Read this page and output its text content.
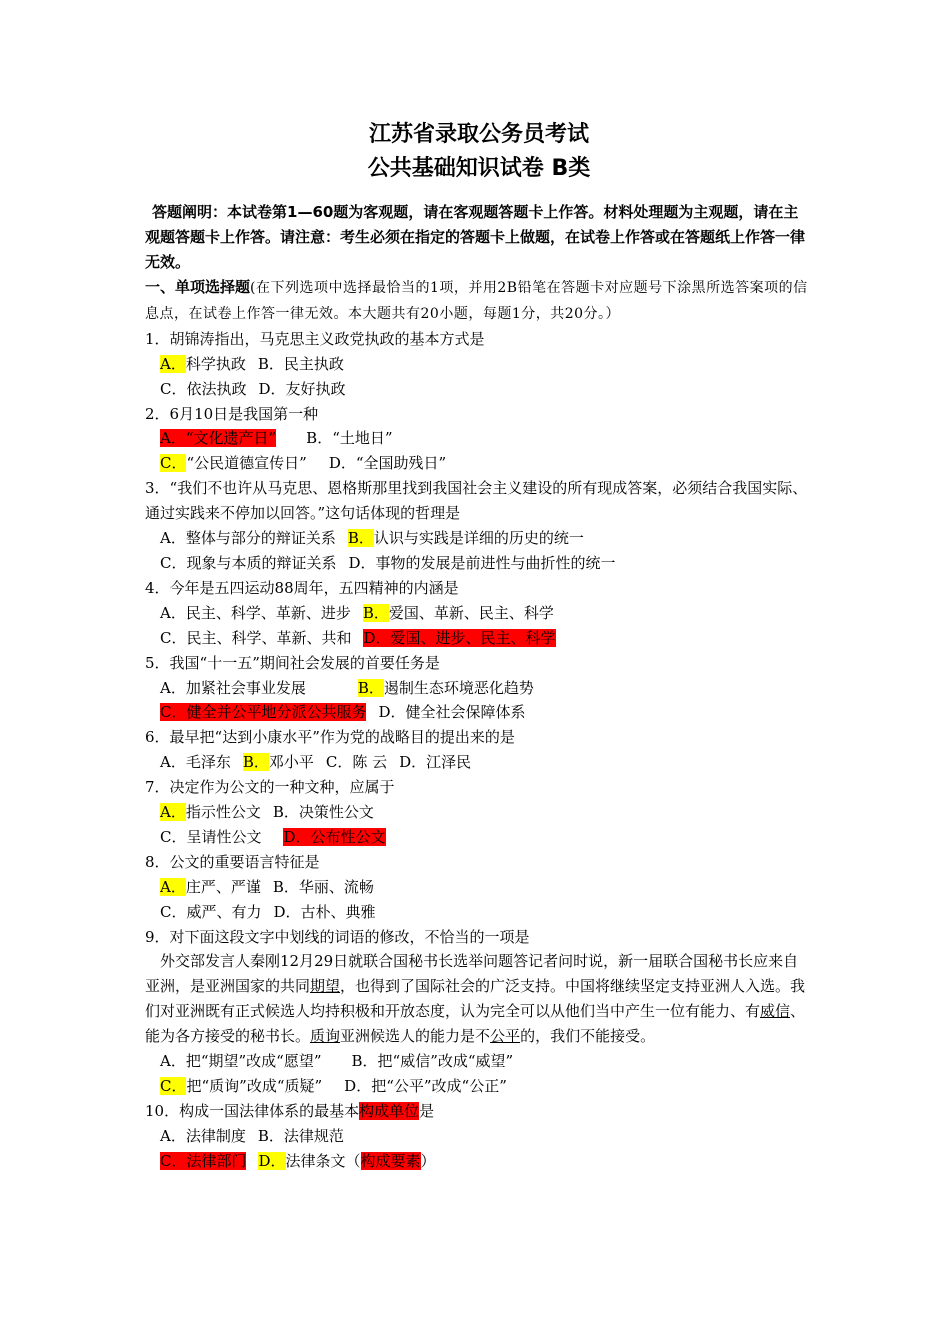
江苏省录取公务员考试
公共基础知识试卷 B类

答题阐明：本试卷第1—60题为客观题，请在客观题答题卡上作答。材料处理题为主观题，请在主观题答题卡上作答。请注意：考生必须在指定的答题卡上做题，在试卷上作答或在答题纸上作答一律无效。

一、单项选择题(在下列选项中选择最恰当的1项，并用2B铅笔在答题卡对应题号下涂黑所选答案项的信息点，在试卷上作答一律无效。本大题共有20小题，每题1分，共20分。）
1．胡锦涛指出，马克思主义政党执政的基本方式是
A．科学执政 B．民主执政
C．依法执政 D．友好执政
2．6月10日是我国第一种
A．“文化遗产日” B．“土地日”
C．“公民道德宣传日” D．“全国助残日”
3．“我们不也许从马克思、恩格斯那里找到我国社会主义建设的所有现成答案，必须结合我国实际、通过实践来不停加以回答。”这句话体现的哲理是
A．整体与部分的辩证关系 B．认识与实践是详细的历史的统一
C．现象与本质的辩证关系 D．事物的发展是前进性与曲折性的统一
4．今年是五四运动88周年，五四精神的内涵是
A．民主、科学、革新、进步 B．爱国、革新、民主、科学
C．民主、科学、革新、共和 D．爱国、进步、民主、科学
5．我国“十一五”期间社会发展的首要任务是
A．加紧社会事业发展	B．遏制生态环境恶化趋势
C．健全并公平地分派公共服务 D．健全社会保障体系
6．最早把“达到小康水平”作为党的战略目的提出来的是
A．毛泽东 B．邓小平 C．陈 云 D．江泽民
7．决定作为公文的一种文种，应属于
A．指示性公文 B．决策性公文
C．呈请性公文 D．公布性公文
8．公文的重要语言特征是
A．庄严、严谨 B．华丽、流畅
C．威严、有力 D．古朴、典雅
9．对下面这段文字中划线的词语的修改，不恰当的一项是

外交部发言人秦刚12月29日就联合国秘书长选举问题答记者问时说，新一届联合国秘书长应来自亚洲，是亚洲国家的共同期望，也得到了国际社会的广泛支持。中国将继续坚定支持亚洲人入选。我们对亚洲既有正式候选人均持积极和开放态度，认为完全可以从他们当中产生一位有能力、有威信、能为各方接受的秘书长。质询亚洲候选人的能力是不公平的，我们不能接受。

A．把“期望”改成“愿望” B．把“威信”改成“威望”
C．把“质询”改成“质疑” D．把“公平”改成“公正”
10．构成一国法律体系的最基本构成单位是
A．法律制度 B．法律规范
C．法律部门 D．法律条文（构成要素）
